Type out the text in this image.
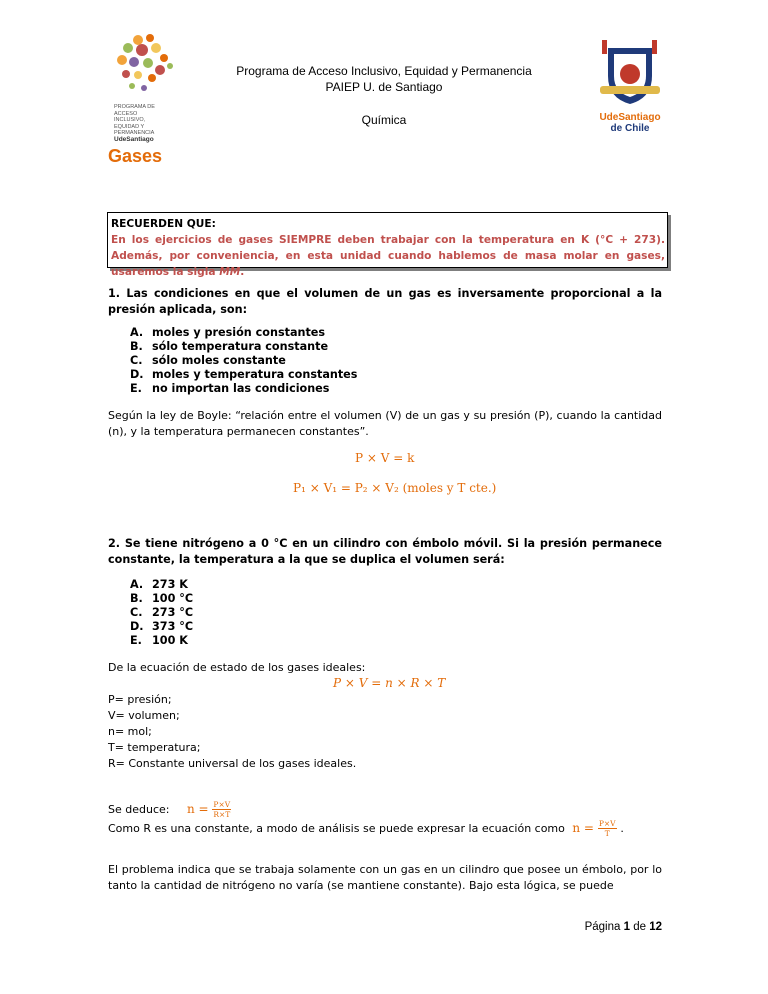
PROGRAMA DE
ACCESO
INCLUSIVO,
EQUIDAD Y
PERMANENCIA
UdeSantiago
Programa de Acceso Inclusivo, Equidad y Permanencia
PAIEP U. de Santiago
Química	UdeSantiago
de Chile
Gases
RECUERDEN QUE:
En los ejercicios de gases SIEMPRE deben trabajar con la temperatura en K (°C + 273). Además, por conveniencia, en esta unidad cuando hablemos de masa molar en gases, usaremos la sigla MM.
1. Las condiciones en que el volumen de un gas es inversamente proporcional a la presión aplicada, son:
A. moles y presión constantes
B. sólo temperatura constante
C. sólo moles constante
D. moles y temperatura constantes
E. no importan las condiciones
Según la ley de Boyle: “relación entre el volumen (V) de un gas y su presión (P), cuando la cantidad (n), y la temperatura permanecen constantes”.
P × V = k
P₁ × V₁ = P₂ × V₂ (moles y T cte.)
2. Se tiene nitrógeno a 0 °C en un cilindro con émbolo móvil. Si la presión permanece constante, la temperatura a la que se duplica el volumen será:
A. 273 K
B. 100 °C
C. 273 °C
D. 373 °C
E. 100 K
De la ecuación de estado de los gases ideales:
P × V = n × R × T
P= presión;
V= volumen;
n= mol;
T= temperatura;
R= Constante universal de los gases ideales.
Se deduce: $n = \frac{P\times V}{R\times T}$
Como R es una constante, a modo de análisis se puede expresar la ecuación como $n = \frac{P\times V}{T}$ .
El problema indica que se trabaja solamente con un gas en un cilindro que posee un émbolo, por lo tanto la cantidad de nitrógeno no varía (se mantiene constante). Bajo esta lógica, se puede
Página 1 de 12
